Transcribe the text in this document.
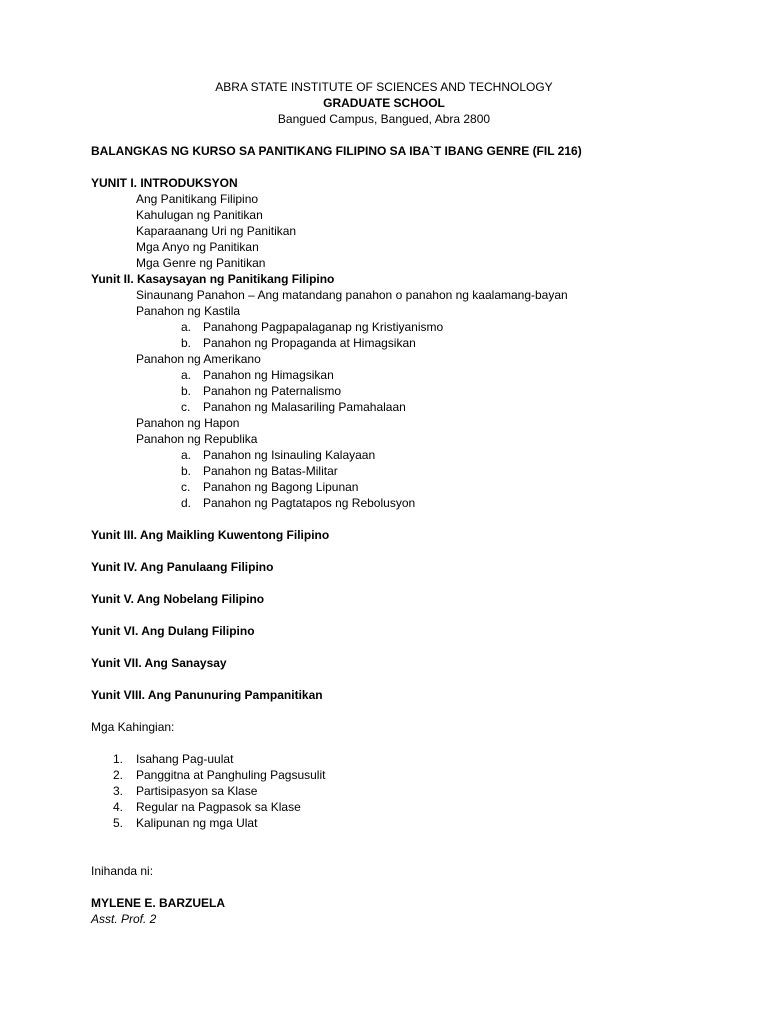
ABRA STATE INSTITUTE OF SCIENCES AND TECHNOLOGY
GRADUATE SCHOOL
Bangued Campus, Bangued, Abra 2800
BALANGKAS NG KURSO SA PANITIKANG FILIPINO SA IBA`T IBANG GENRE (FIL 216)
YUNIT I. INTRODUKSYON
Ang Panitikang Filipino
Kahulugan ng Panitikan
Kaparaanang Uri ng Panitikan
Mga Anyo ng Panitikan
Mga Genre ng Panitikan
Yunit II. Kasaysayan ng Panitikang Filipino
Sinaunang Panahon – Ang matandang panahon o panahon ng kaalamang-bayan
Panahon ng Kastila
a. Panahong Pagpapalaganap ng Kristiyanismo
b. Panahon ng Propaganda at Himagsikan
Panahon ng Amerikano
a. Panahon ng Himagsikan
b. Panahon ng Paternalismo
c. Panahon ng Malasariling Pamahalaan
Panahon ng Hapon
Panahon ng Republika
a. Panahon ng Isinauling Kalayaan
b. Panahon ng Batas-Militar
c. Panahon ng Bagong Lipunan
d. Panahon ng Pagtatapos ng Rebolusyon
Yunit III. Ang Maikling Kuwentong Filipino
Yunit IV. Ang Panulaang Filipino
Yunit V. Ang Nobelang Filipino
Yunit VI. Ang Dulang Filipino
Yunit VII. Ang Sanaysay
Yunit VIII. Ang Panunuring Pampanitikan
Mga Kahingian:
1. Isahang Pag-uulat
2. Panggitna at Panghuling Pagsusulit
3. Partisipasyon sa Klase
4. Regular na Pagpasok sa Klase
5. Kalipunan ng mga Ulat
Inihanda ni:
MYLENE E. BARZUELA
Asst. Prof. 2
